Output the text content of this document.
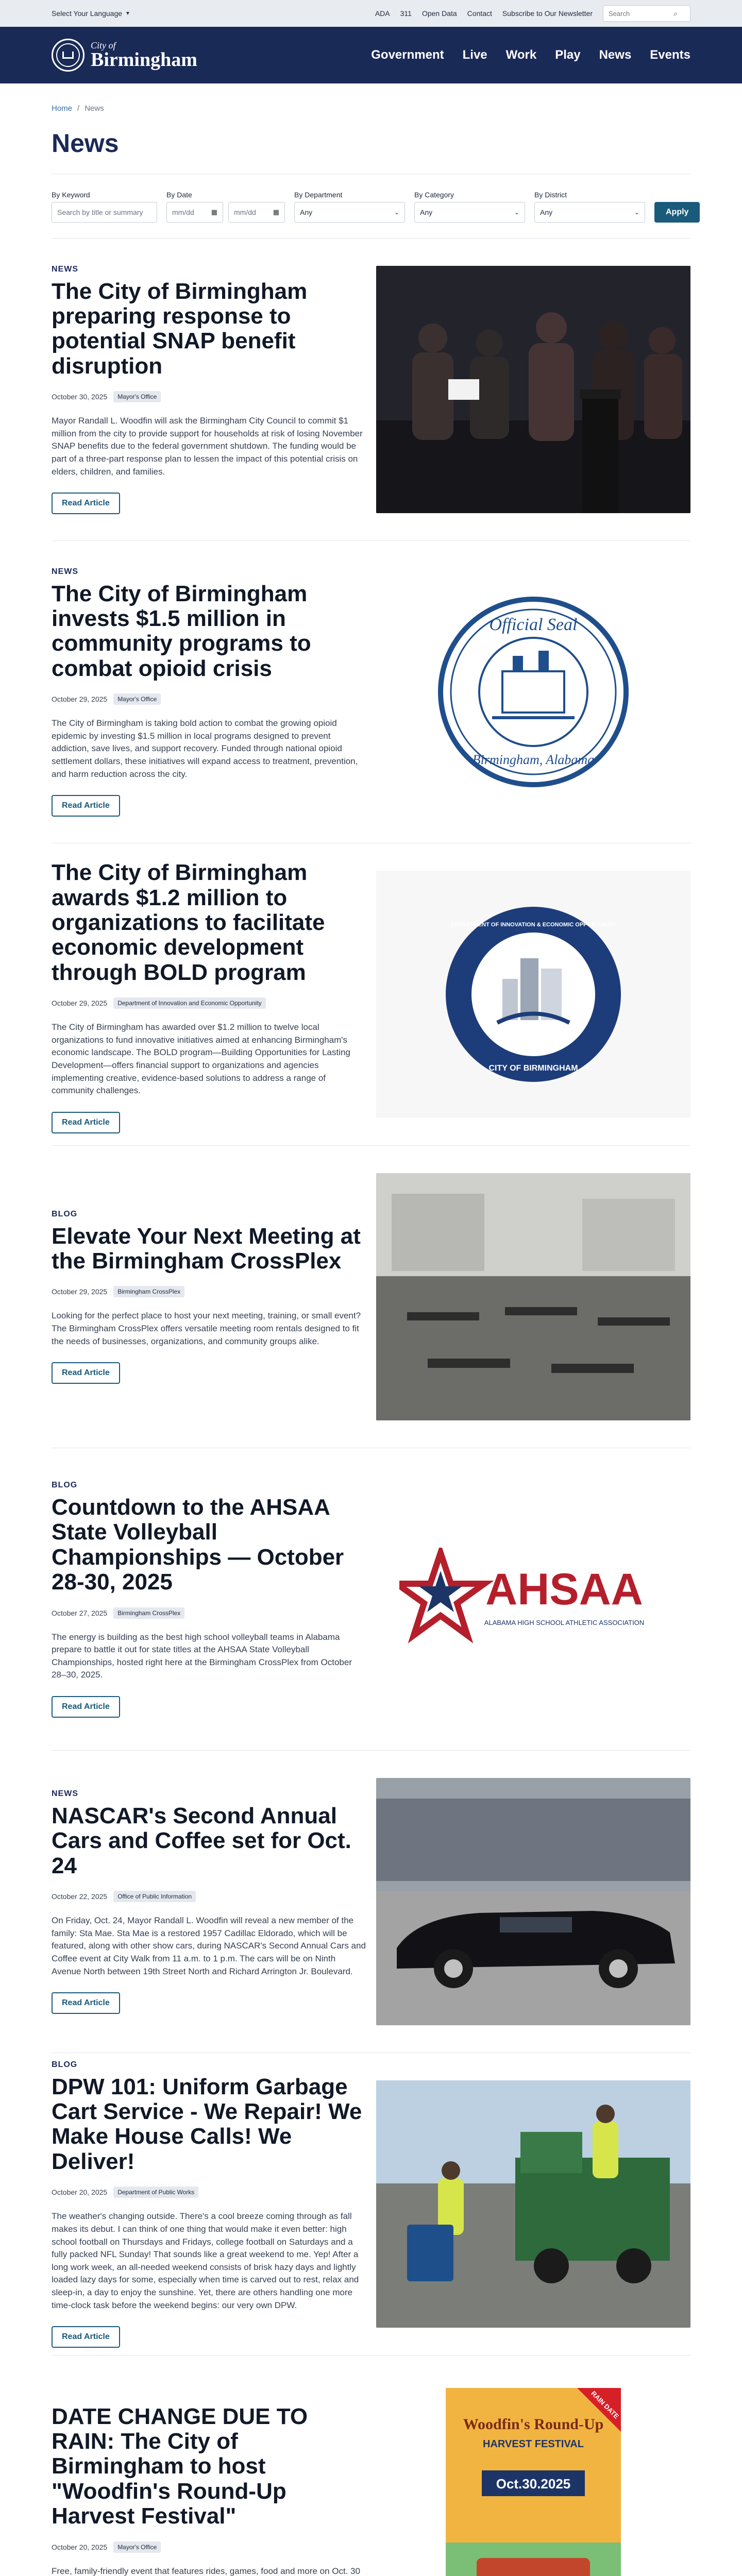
Select Your Language ▼	ADA 311 Open Data Contact Subscribe to Our Newsletter
Search	⌕
City of
Birmingham	Government Live Work Play News Events
Home / News
News
By Keyword
Search by title or summary
By Date
mm/dd	▦ mm/dd	▦
By Department
Any	⌄
By Category
Any	⌄
By District
Any	⌄	Apply
NEWS
The City of Birmingham preparing response to potential SNAP benefit disruption
October 30, 2025	Mayor's Office
Mayor Randall L. Woodfin will ask the Birmingham City Council to commit $1 million from the city to provide support for households at risk of losing November SNAP benefits due to the federal government shutdown. The funding would be part of a three-part response plan to lessen the impact of this potential crisis on elders, children, and families.
Read Article
NEWS
The City of Birmingham invests $1.5 million in community programs to combat opioid crisis
October 29, 2025	Mayor's Office
The City of Birmingham is taking bold action to combat the growing opioid epidemic by investing $1.5 million in local programs designed to prevent addiction, save lives, and support recovery. Funded through national opioid settlement dollars, these initiatives will expand access to treatment, prevention, and harm reduction across the city.
Read Article
Official Seal
Birmingham, Alabama
The City of Birmingham awards $1.2 million to organizations to facilitate economic development through BOLD program
October 29, 2025	Department of Innovation and Economic Opportunity
The City of Birmingham has awarded over $1.2 million to twelve local organizations to fund innovative initiatives aimed at enhancing Birmingham's economic landscape. The BOLD program—Building Opportunities for Lasting Development—offers financial support to organizations and agencies implementing creative, evidence-based solutions to address a range of community challenges.
Read Article
DEPARTMENT OF INNOVATION & ECONOMIC OPPORTUNITY
CITY OF BIRMINGHAM
BLOG
Elevate Your Next Meeting at the Birmingham CrossPlex
October 29, 2025	Birmingham CrossPlex
Looking for the perfect place to host your next meeting, training, or small event? The Birmingham CrossPlex offers versatile meeting room rentals designed to fit the needs of businesses, organizations, and community groups alike.
Read Article
BLOG
Countdown to the AHSAA State Volleyball Championships — October 28-30, 2025
October 27, 2025	Birmingham CrossPlex
The energy is building as the best high school volleyball teams in Alabama prepare to battle it out for state titles at the AHSAA State Volleyball Championships, hosted right here at the Birmingham CrossPlex from October 28–30, 2025.
Read Article
AHSAA
ALABAMA HIGH SCHOOL ATHLETIC ASSOCIATION
NEWS
NASCAR's Second Annual Cars and Coffee set for Oct. 24
October 22, 2025	Office of Public Information
On Friday, Oct. 24, Mayor Randall L. Woodfin will reveal a new member of the family: Sta Mae. Sta Mae is a restored 1957 Cadillac Eldorado, which will be featured, along with other show cars, during NASCAR's Second Annual Cars and Coffee event at City Walk from 11 a.m. to 1 p.m. The cars will be on Ninth Avenue North between 19th Street North and Richard Arrington Jr. Boulevard.
Read Article
BLOG
DPW 101: Uniform Garbage Cart Service - We Repair! We Make House Calls! We Deliver!
October 20, 2025	Department of Public Works
The weather's changing outside. There's a cool breeze coming through as fall makes its debut. I can think of one thing that would make it even better: high school football on Thursdays and Fridays, college football on Saturdays and a fully packed NFL Sunday! That sounds like a great weekend to me. Yep! After a long work week, an all-needed weekend consists of brisk hazy days and lightly loaded lazy days for some, especially when time is carved out to rest, relax and sleep-in, a day to enjoy the sunshine. Yet, there are others handling one more time-clock task before the weekend begins: our very own DPW.
Read Article
DATE CHANGE DUE TO RAIN: The City of Birmingham to host "Woodfin's Round-Up Harvest Festival"
October 20, 2025	Mayor's Office
Free, family-friendly event that features rides, games, food and more on Oct. 30
RAIN DATE
Woodfin's Round-Up
HARVEST FESTIVAL
Oct.30.2025
